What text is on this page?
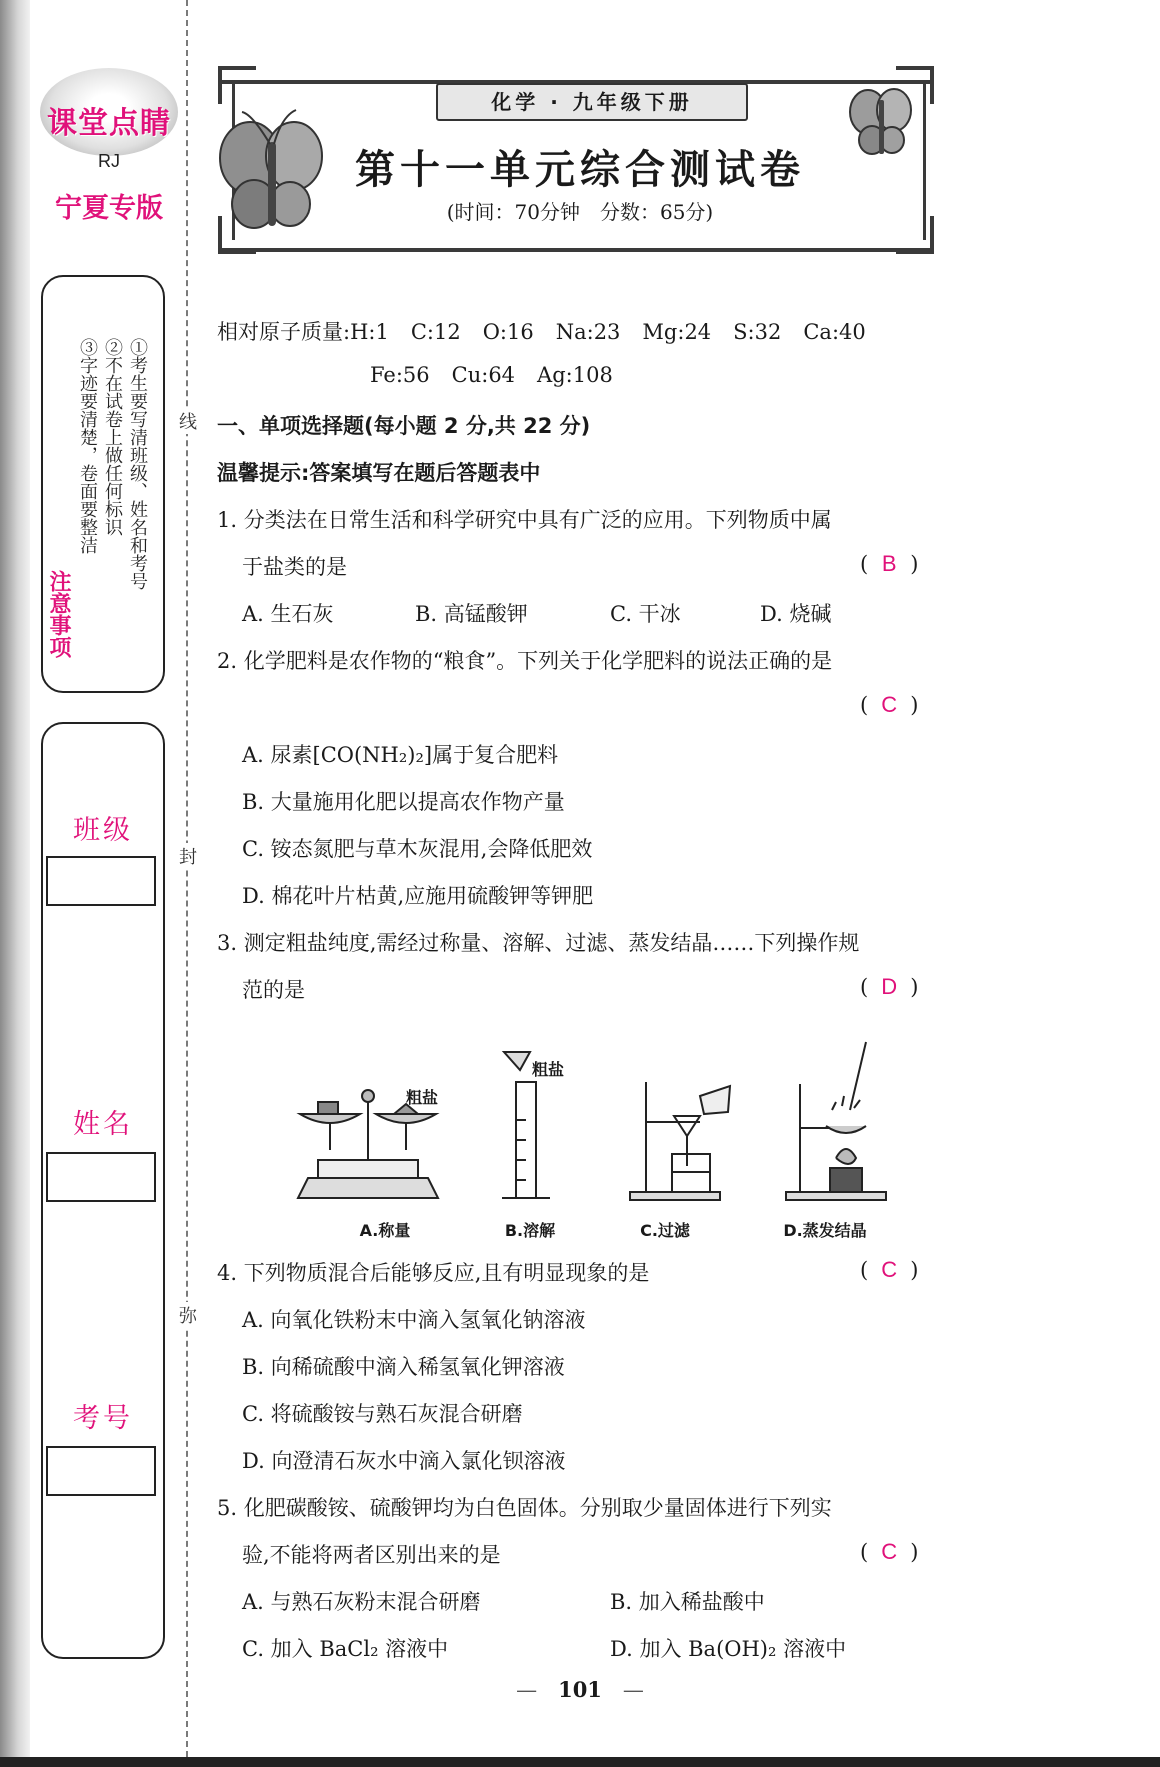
线
封
弥
课堂点睛
RJ
宁夏专版
①考生要写清班级、姓名和考号
②不在试卷上做任何标识
③字迹要清楚，卷面要整洁
注意事项
班级
姓名
考号
化学 · 九年级下册
第十一单元综合测试卷
(时间：70分钟　分数：65分)
相对原子质量:H:1 C:12 O:16 Na:23 Mg:24 S:32 Ca:40
Fe:56 Cu:64 Ag:108
一、单项选择题(每小题 2 分,共 22 分)
温馨提示:答案填写在题后答题表中
1. 分类法在日常生活和科学研究中具有广泛的应用。下列物质中属
于盐类的是	( B )
A. 生石灰	B. 高锰酸钾	C. 干冰	D. 烧碱
2. 化学肥料是农作物的“粮食”。下列关于化学肥料的说法正确的是
( C )
A. 尿素[CO(NH₂)₂]属于复合肥料
B. 大量施用化肥以提高农作物产量
C. 铵态氮肥与草木灰混用,会降低肥效
D. 棉花叶片枯黄,应施用硫酸钾等钾肥
3. 测定粗盐纯度,需经过称量、溶解、过滤、蒸发结晶……下列操作规
范的是	( D )
粗盐
粗盐
A.称量	B.溶解	C.过滤	D.蒸发结晶
4. 下列物质混合后能够反应,且有明显现象的是	( C )
A. 向氧化铁粉末中滴入氢氧化钠溶液
B. 向稀硫酸中滴入稀氢氧化钾溶液
C. 将硫酸铵与熟石灰混合研磨
D. 向澄清石灰水中滴入氯化钡溶液
5. 化肥碳酸铵、硫酸钾均为白色固体。分别取少量固体进行下列实
验,不能将两者区别出来的是	( C )
A. 与熟石灰粉末混合研磨	B. 加入稀盐酸中
C. 加入 BaCl₂ 溶液中	D. 加入 Ba(OH)₂ 溶液中
—　101　—
